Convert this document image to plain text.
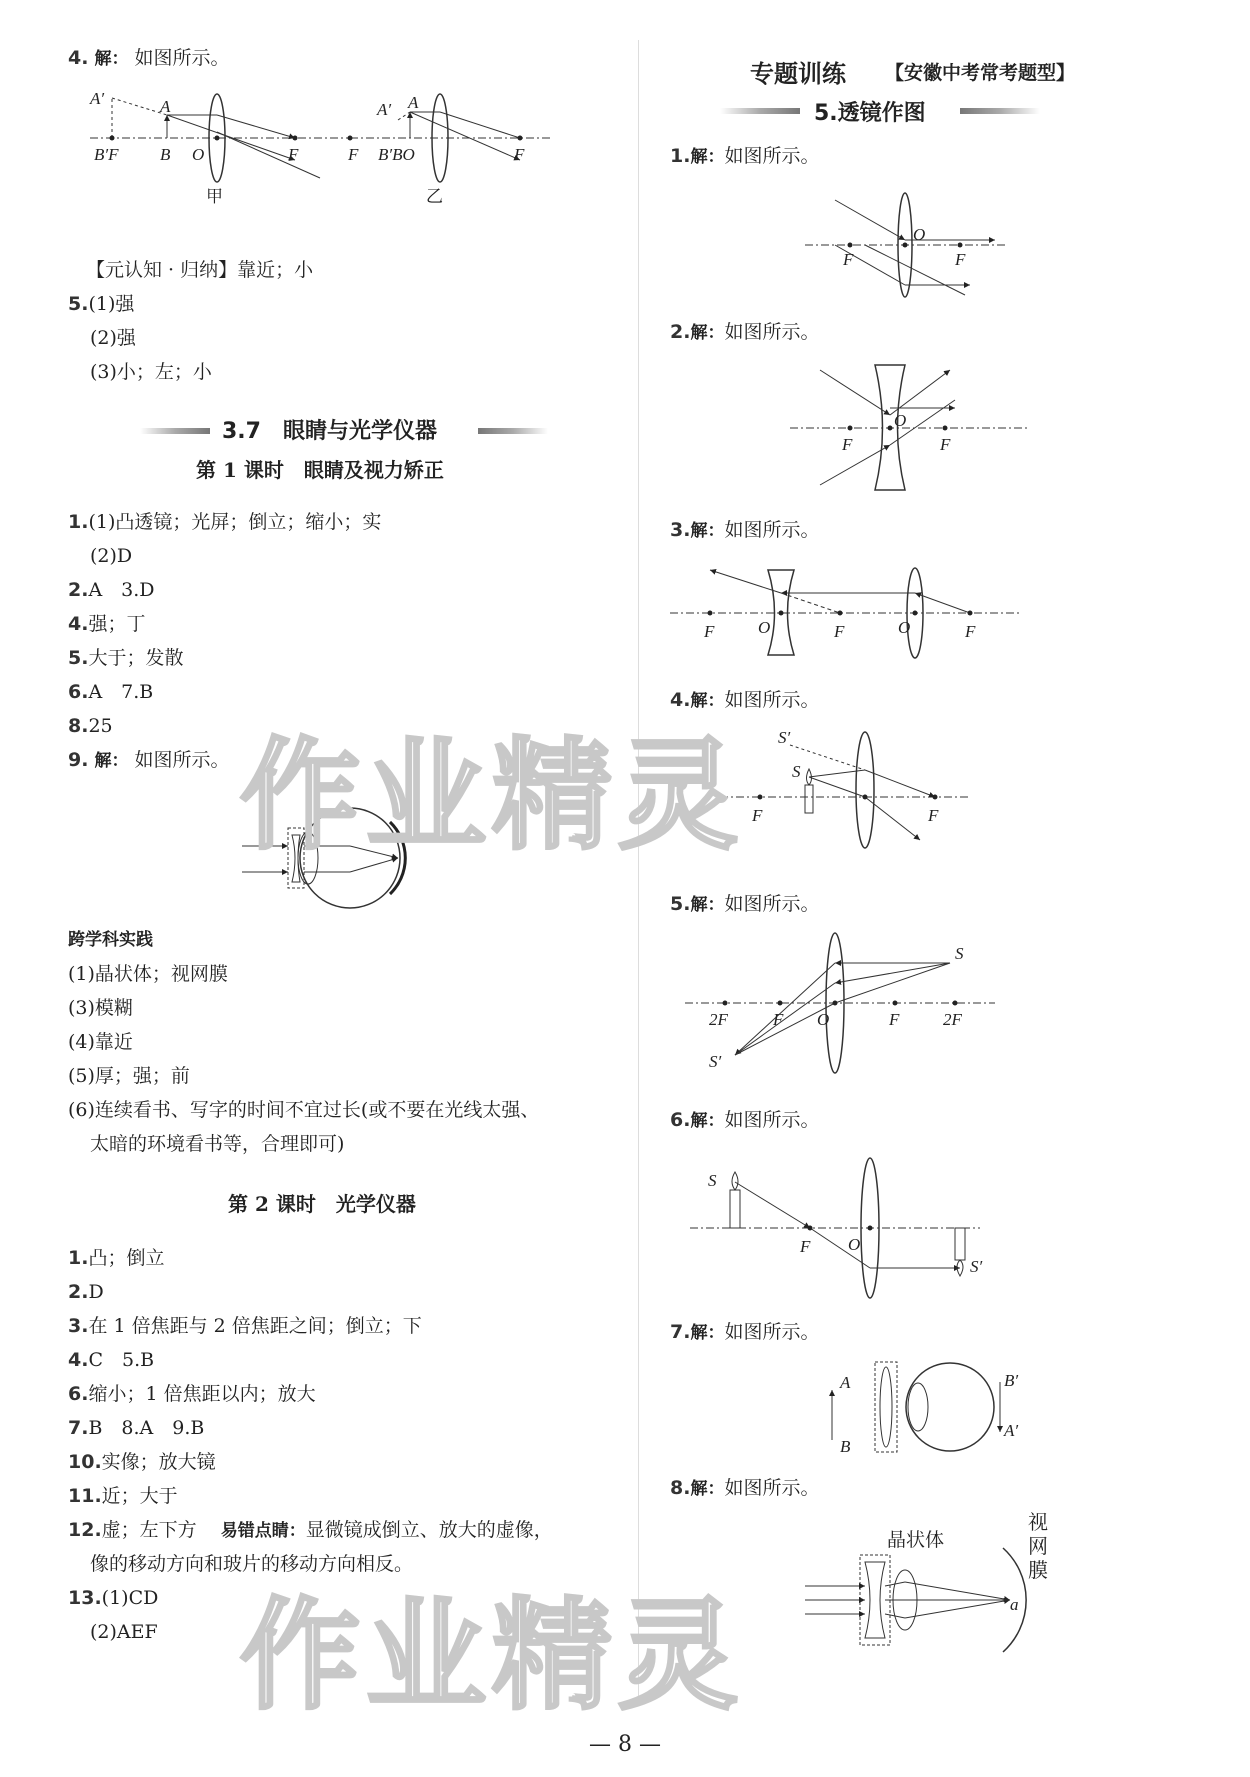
4. 解： 如图所示。
A′	A
B′F B O	F
甲
F
A′ A
B′BO	F
乙
【元认知 · 归纳】靠近；小
5.(1)强
(2)强
(3)小；左；小
3.7　眼睛与光学仪器
第 1 课时　眼睛及视力矫正
1.(1)凸透镜；光屏；倒立；缩小；实
(2)D
2.A　3.D
4.强；丁
5.大于；发散
6.A　7.B
8.25
9. 解： 如图所示。
跨学科实践
(1)晶状体；视网膜
(3)模糊
(4)靠近
(5)厚；强；前
(6)连续看书、写字的时间不宜过长(或不要在光线太强、
太暗的环境看书等，合理即可)
第 2 课时　光学仪器
1.凸；倒立
2.D
3.在 1 倍焦距与 2 倍焦距之间；倒立；下
4.C　5.B
6.缩小；1 倍焦距以内；放大
7.B　8.A　9.B
10.实像；放大镜
11.近；大于
12.虚；左下方 易错点睛：显微镜成倒立、放大的虚像，
像的移动方向和玻片的移动方向相反。
13.(1)CD
(2)AEF
专题训练 【安徽中考常考题型】
5.透镜作图
1.解：如图所示。
2.解：如图所示。
3.解：如图所示。
4.解：如图所示。
5.解：如图所示。
6.解：如图所示。
7.解：如图所示。
8.解：如图所示。
F
O
F
F
O
F
F	O	F	O	F
S′
S
F	F
S
2F	F O	F	2F
S′
S
F O
S′
A
B
B′
A′
晶状体
a
视网膜
作业精灵
作业精灵
— 8 —
